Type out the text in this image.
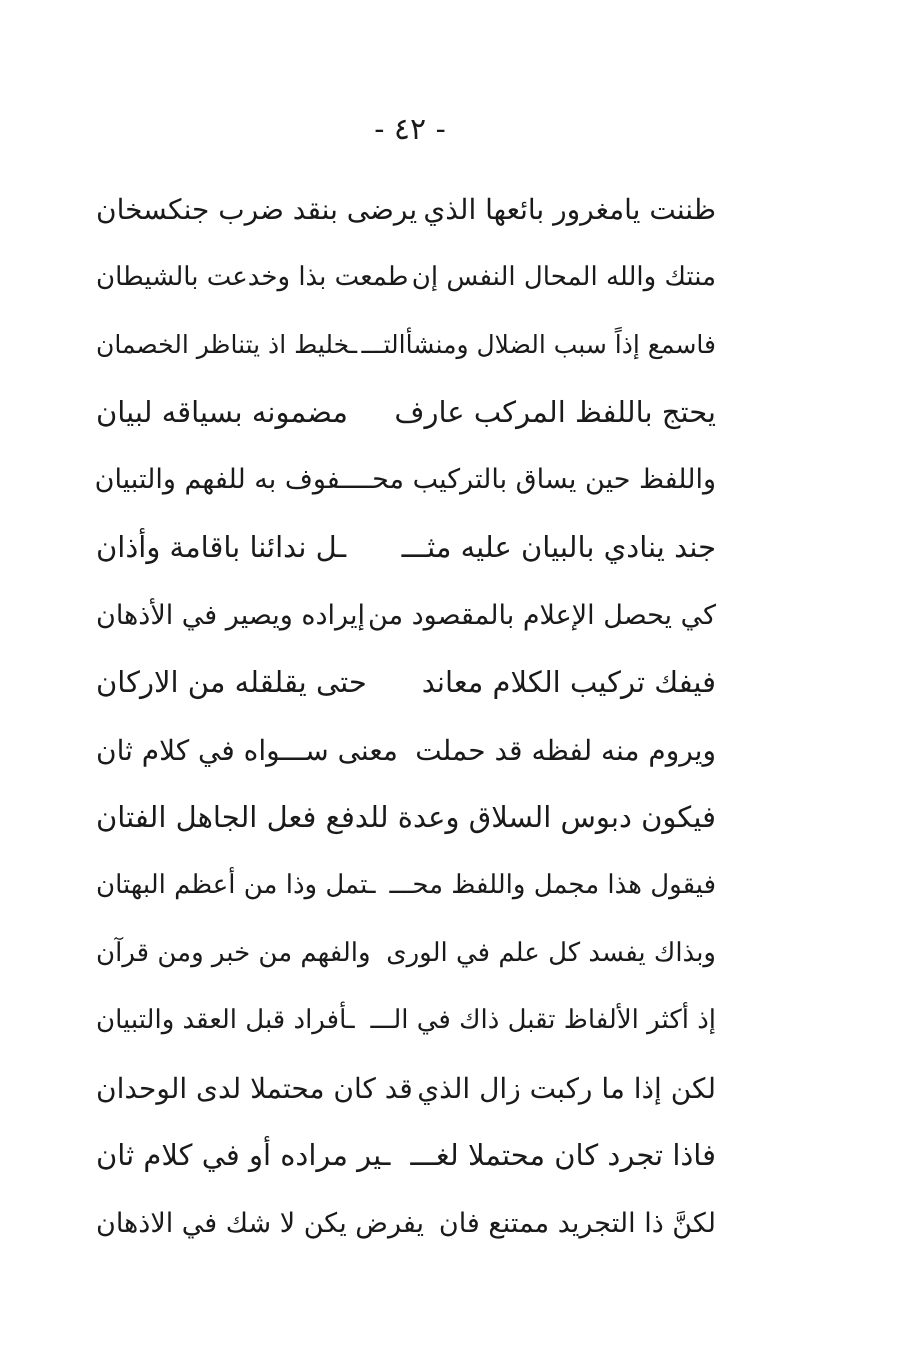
- ٤٢ -
ظننت يامغرور بائعها الذي
يرضى بنقد ضرب جنكسخان
منتك والله المحال النفس إن
طمعت بذا وخدعت بالشيطان
فاسمع إذاً سبب الضلال ومنشأالتـــ
ـخليط اذ يتناظر الخصمان
يحتج باللفظ المركب عارف
مضمونه بسياقه لبيان
واللفظ حين يساق بالتركيب محـــ
ـفوف به للفهم والتبيان
جند ينادي بالبيان عليه مثـــ
ـل ندائنا باقامة وأذان
كي يحصل الإعلام بالمقصود من
إيراده ويصير في الأذهان
فيفك تركيب الكلام معاند
حتى يقلقله من الاركان
ويروم منه لفظه قد حملت
معنى ســـواه في كلام ثان
فيكون دبوس السلاق وعدة
للدفع فعل الجاهل الفتان
فيقول هذا مجمل واللفظ محـــ
ـتمل وذا من أعظم البهتان
وبذاك يفسد كل علم في الورى
والفهم من خبر ومن قرآن
إذ أكثر الألفاظ تقبل ذاك في الـــ
ـأفراد قبل العقد والتبيان
لكن إذا ما ركبت زال الذي
قد كان محتملا لدى الوحدان
فاذا تجرد كان محتملا لغـــ
ـير مراده أو في كلام ثان
لكنَّ ذا التجريد ممتنع فان
يفرض يكن لا شك في الاذهان
